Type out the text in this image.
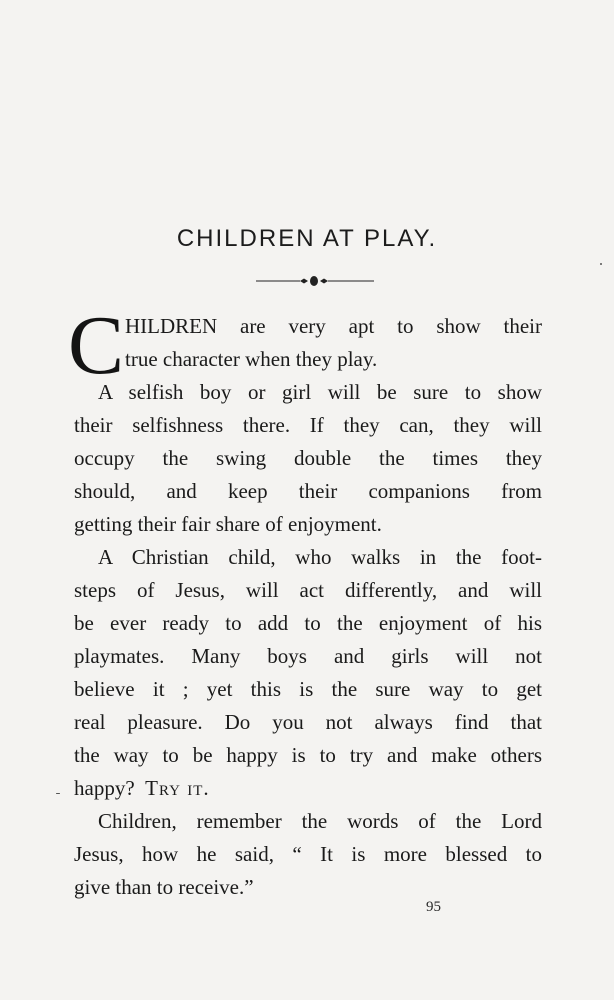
CHILDREN AT PLAY.
C HILDREN are very apt to show their
true character when they play.
A selfish boy or girl will be sure to show
their selfishness there. If they can, they will
occupy the swing double the times they
should, and keep their companions from
getting their fair share of enjoyment.
A Christian child, who walks in the foot-
steps of Jesus, will act differently, and will
be ever ready to add to the enjoyment of his
playmates. Many boys and girls will not
believe it ; yet this is the sure way to get
real pleasure. Do you not always find that
the way to be happy is to try and make others
happy? Try it.
Children, remember the words of the Lord
Jesus, how he said, “ It is more blessed to
give than to receive.”
95
